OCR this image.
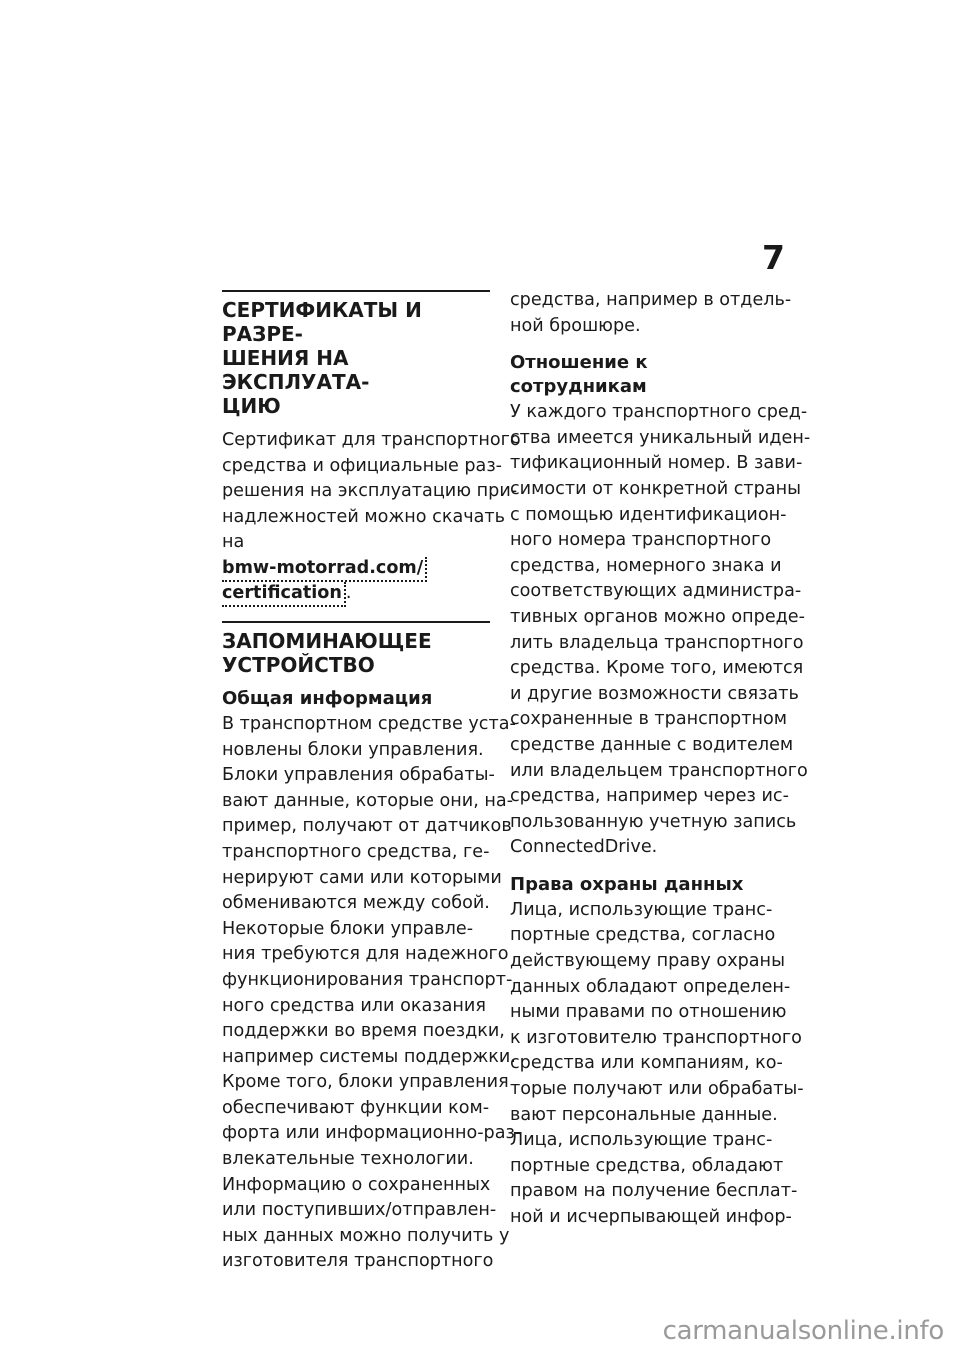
7
СЕРТИФИКАТЫ И РАЗРЕ-
ШЕНИЯ НА ЭКСПЛУАТА-
ЦИЮ
Сертификат для транспортного
средства и официальные раз-
решения на эксплуатацию при-
надлежностей можно скачать
на
bmw-motorrad.com/
certification .
ЗАПОМИНАЮЩЕЕ
УСТРОЙСТВО
Общая информация
В транспортном средстве уста-
новлены блоки управления.
Блоки управления обрабаты-
вают данные, которые они, на-
пример, получают от датчиков
транспортного средства, ге-
нерируют сами или которыми
обмениваются между собой.
Некоторые блоки управле-
ния требуются для надежного
функционирования транспорт-
ного средства или оказания
поддержки во время поездки,
например системы поддержки.
Кроме того, блоки управления
обеспечивают функции ком-
форта или информационно-раз-
влекательные технологии.
Информацию о сохраненных
или поступивших/отправлен-
ных данных можно получить у
изготовителя транспортного
средства, например в отдель-
ной брошюре.
Отношение к сотрудникам
У каждого транспортного сред-
ства имеется уникальный иден-
тификационный номер. В зави-
симости от конкретной страны
с помощью идентификацион-
ного номера транспортного
средства, номерного знака и
соответствующих администра-
тивных органов можно опреде-
лить владельца транспортного
средства. Кроме того, имеются
и другие возможности связать
сохраненные в транспортном
средстве данные с водителем
или владельцем транспортного
средства, например через ис-
пользованную учетную запись
ConnectedDrive.
Права охраны данных
Лица, использующие транс-
портные средства, согласно
действующему праву охраны
данных обладают определен-
ными правами по отношению
к изготовителю транспортного
средства или компаниям, ко-
торые получают или обрабаты-
вают персональные данные.
Лица, использующие транс-
портные средства, обладают
правом на получение бесплат-
ной и исчерпывающей инфор-
carmanualsonline.info
